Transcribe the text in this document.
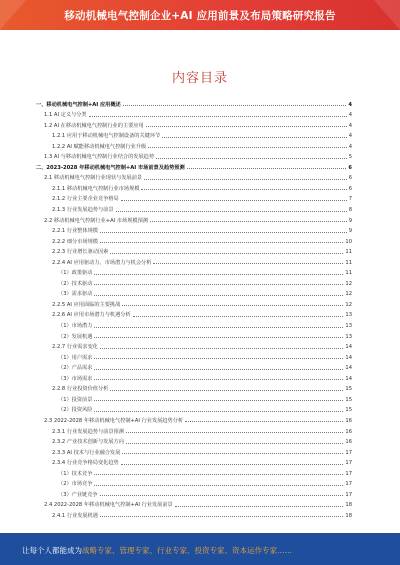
移动机械电气控制企业+AI 应用前景及布局策略研究报告
内容目录
一、移动机械电气控制+AI 应用概述	4
1.1 AI 定义与分类	4
1.2 AI 在移动机械电气控制行业的主要应用	4
1.2.1 应用于移动机械电气控制设备的关键环节	4
1.2.2 AI 赋能移动机械电气控制行业升级	4
1.3 AI 与移动机械电气控制行业结合的发展趋势	5
二、2023-2028 年移动机械电气控制+AI 市场前景及趋势预测	6
2.1 移动机械电气控制行业现状与发展前景	6
2.1.1 移动机械电气控制行业市场规模	6
2.1.2 行业主要企业竞争格局	7
2.1.3 行业发展趋势与前景	8
2.2 移动机械电气控制行业+AI 市场规模预测	9
2.2.1 行业整体规模	9
2.2.2 细分市场规模	10
2.2.3 行业增长驱动因素	11
2.2.4 AI 应用驱动力、市场潜力与机会分析	11
（1）政策驱动	11
（2）技术驱动	12
（3）需求驱动	12
2.2.5 AI 应用面临的主要挑战	12
2.2.6 AI 应用市场潜力与机遇分析	13
（1）市场潜力	13
（2）发展机遇	13
2.2.7 行业需求变化	14
（1）用户需求	14
（2）产品需求	14
（3）市场需求	14
2.2.8 行业投资价值分析	15
（1）投资前景	15
（2）投资风险	15
2.3 2022-2028 年移动机械电气控制+AI 行业发展趋势分析	16
2.3.1 行业发展趋势与前景预测	16
2.3.2 产业技术创新与发展方向	16
2.3.3 AI 技术与行业融合发展	17
2.3.4 行业竞争格局变化趋势	17
（1）技术竞争	17
（2）市场竞争	17
（3）产业链竞争	17
2.4 2022-2028 年移动机械电气控制+AI 行业发展前景	18
2.4.1 行业发展机遇	18
让每个人都能成为战略专家、管理专家、行业专家、投资专家、资本运作专家……
